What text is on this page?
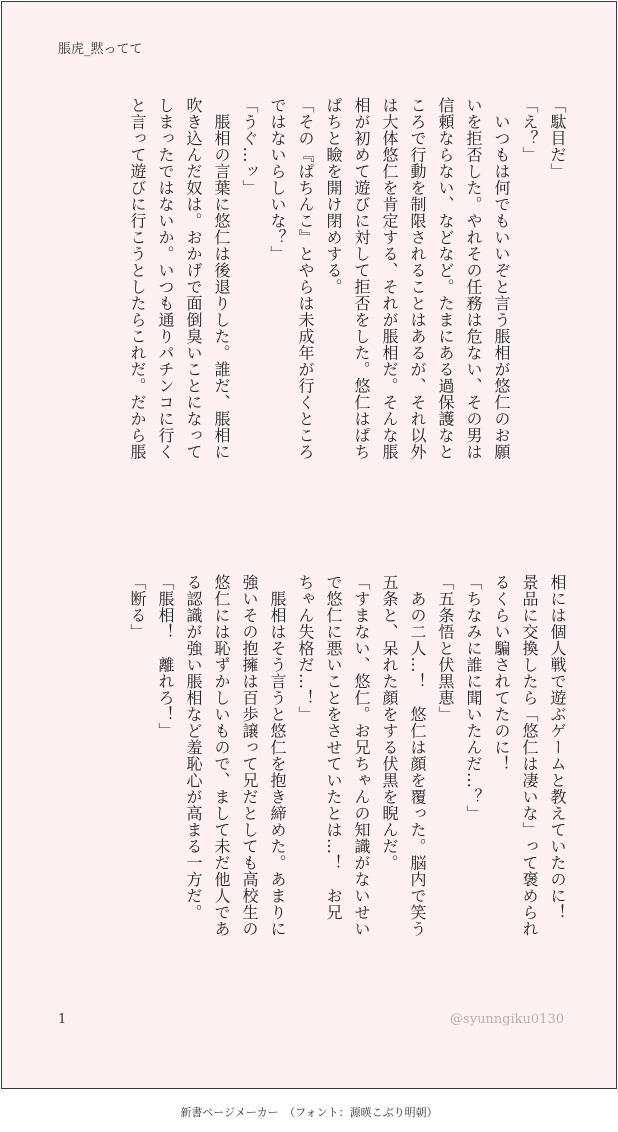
脹虎_黙ってて
「駄目だ」
「え？」
　いつもは何でもいいぞと言う脹相が悠仁のお願
いを拒否した。やれその任務は危ない、その男は
信頼ならない、などなど。たまにある過保護なと
ころで行動を制限されることはあるが、それ以外
は大体悠仁を肯定する、それが脹相だ。そんな脹
相が初めて遊びに対して拒否をした。悠仁はぱち
ぱちと瞼を開け閉めする。
「その『ぱちんこ』とやらは未成年が行くところ
ではないらしいな？」
「うぐ…ッ」
　脹相の言葉に悠仁は後退りした。誰だ、脹相に
吹き込んだ奴は。おかげで面倒臭いことになって
しまったではないか。いつも通りパチンコに行く
と言って遊びに行こうとしたらこれだ。だから脹
相には個人戦で遊ぶゲームと教えていたのに！
景品に交換したら「悠仁は凄いな」って褒められ
るくらい騙されてたのに！
「ちなみに誰に聞いたんだ…？」
「五条悟と伏黒恵」
　あの二人…！　悠仁は顔を覆った。脳内で笑う
五条と、呆れた顔をする伏黒を睨んだ。
「すまない、悠仁。お兄ちゃんの知識がないせい
で悠仁に悪いことをさせていたとは…！　お兄
ちゃん失格だ…！」
　脹相はそう言うと悠仁を抱き締めた。あまりに
強いその抱擁は百歩譲って兄だとしても高校生の
悠仁には恥ずかしいもので、まして未だ他人であ
る認識が強い脹相など羞恥心が高まる一方だ。
「脹相！　離れろ！」
「断る」
1	@syunngiku0130
新書ページメーカー　（フォント：源暎こぶり明朝）
